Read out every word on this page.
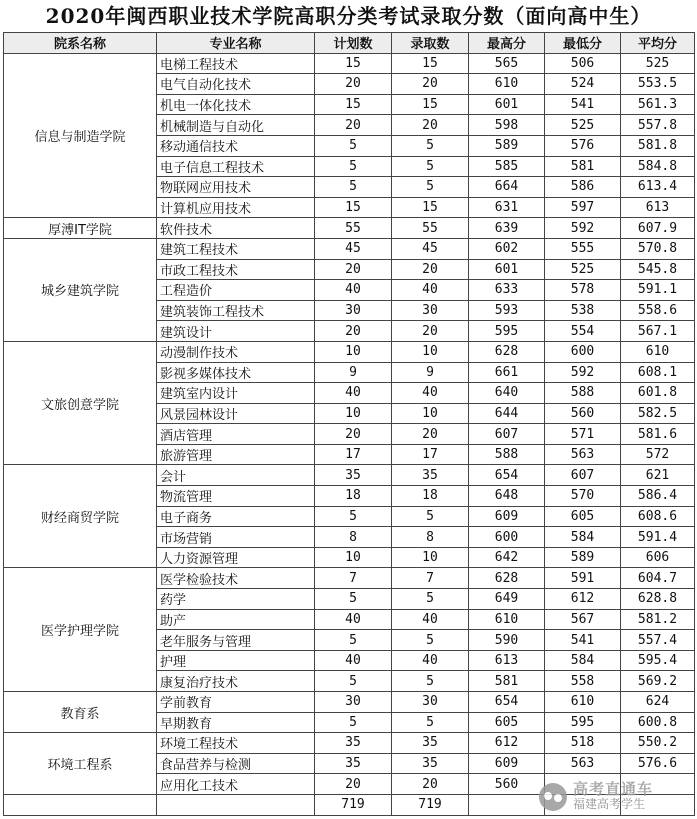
2020年闽西职业技术学院高职分类考试录取分数（面向高中生）
院系名称	专业名称	计划数	录取数	最高分	最低分	平均分
信息与制造学院	电梯工程技术	15	15	565	506	525
	电气自动化技术	20	20	610	524	553.5
	机电一体化技术	15	15	601	541	561.3
	机械制造与自动化	20	20	598	525	557.8
	移动通信技术	5	5	589	576	581.8
	电子信息工程技术	5	5	585	581	584.8
	物联网应用技术	5	5	664	586	613.4
	计算机应用技术	15	15	631	597	613
厚溥IT学院	软件技术	55	55	639	592	607.9
城乡建筑学院	建筑工程技术	45	45	602	555	570.8
	市政工程技术	20	20	601	525	545.8
	工程造价	40	40	633	578	591.1
	建筑装饰工程技术	30	30	593	538	558.6
	建筑设计	20	20	595	554	567.1
文旅创意学院	动漫制作技术	10	10	628	600	610
	影视多媒体技术	9	9	661	592	608.1
	建筑室内设计	40	40	640	588	601.8
	风景园林设计	10	10	644	560	582.5
	酒店管理	20	20	607	571	581.6
	旅游管理	17	17	588	563	572
财经商贸学院	会计	35	35	654	607	621
	物流管理	18	18	648	570	586.4
	电子商务	5	5	609	605	608.6
	市场营销	8	8	600	584	591.4
	人力资源管理	10	10	642	589	606
医学护理学院	医学检验技术	7	7	628	591	604.7
	药学	5	5	649	612	628.8
	助产	40	40	610	567	581.2
	老年服务与管理	5	5	590	541	557.4
	护理	40	40	613	584	595.4
	康复治疗技术	5	5	581	558	569.2
教育系	学前教育	30	30	654	610	624
	早期教育	5	5	605	595	600.8
环境工程系	环境工程技术	35	35	612	518	550.2
	食品营养与检测	35	35	609	563	576.6
	应用化工技术	20	20	560		
		719	719			
高考直通车
福建高考学生
